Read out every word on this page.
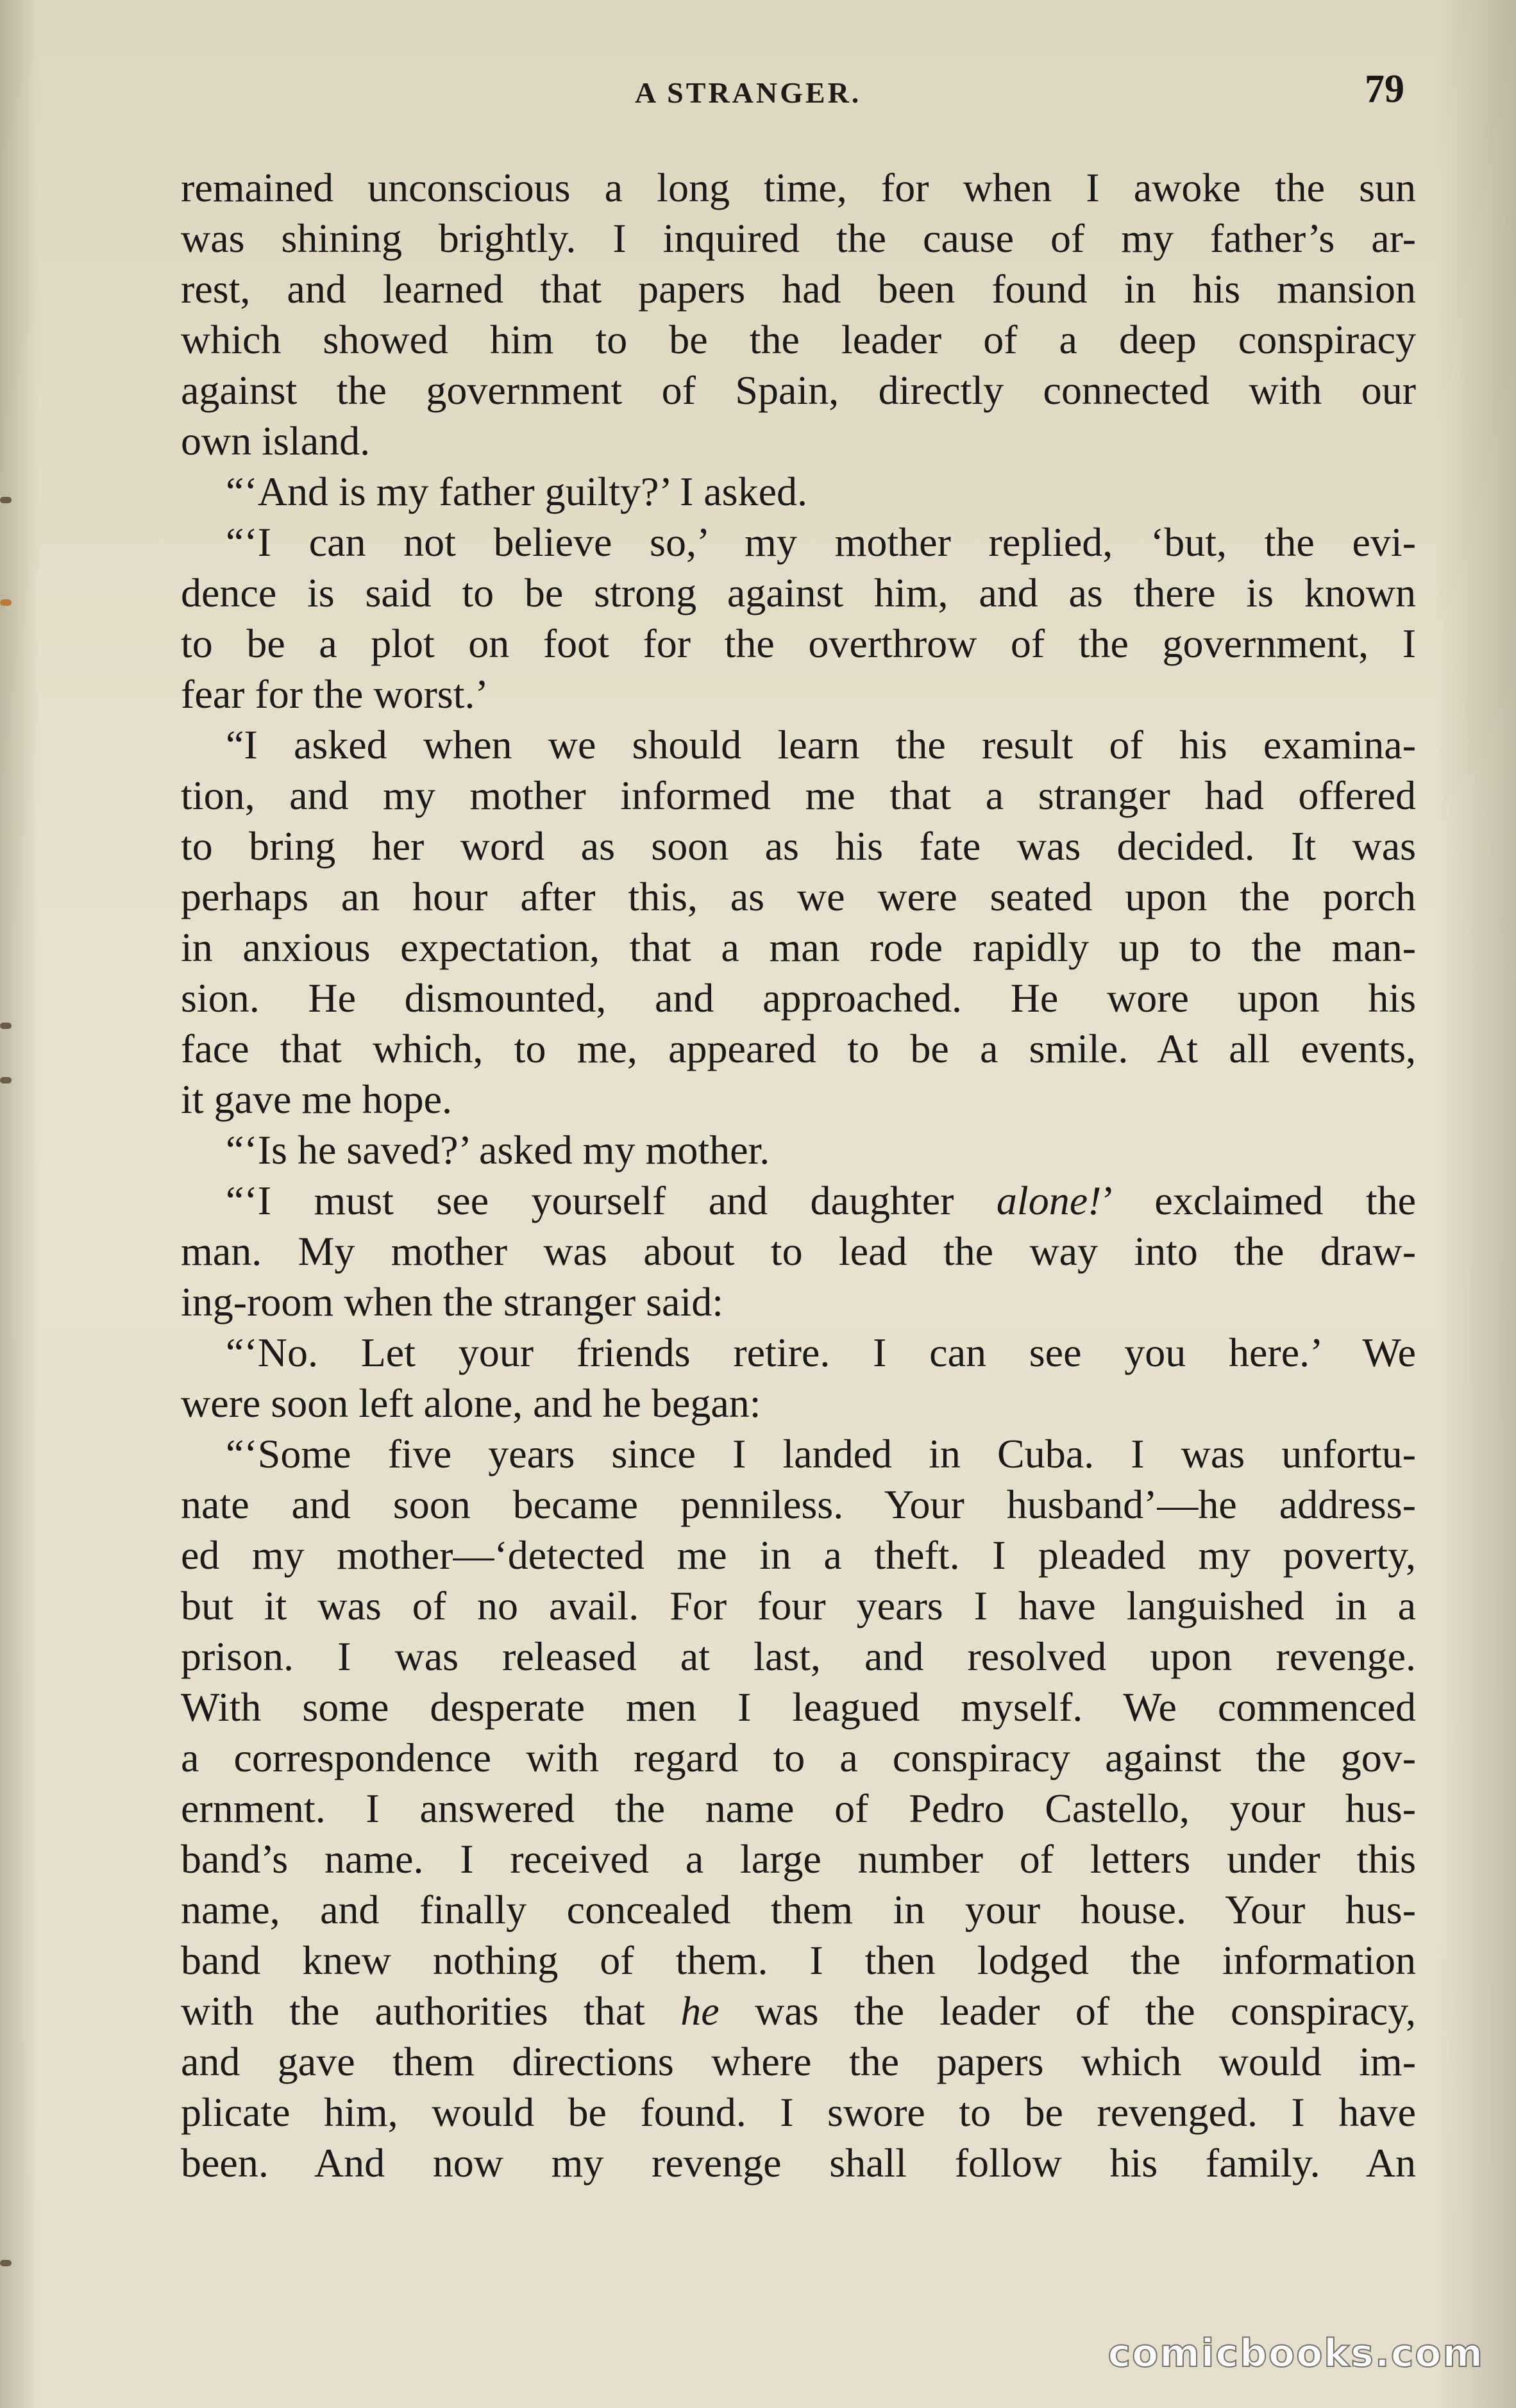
A STRANGER.	79
remained unconscious a long time, for when I awoke the sun
was shining brightly. I inquired the cause of my father’s ar-
rest, and learned that papers had been found in his mansion
which showed him to be the leader of a deep conspiracy
against the government of Spain, directly connected with our
own island.
“‘And is my father guilty?’ I asked.
“‘I can not believe so,’ my mother replied, ‘but, the evi-
dence is said to be strong against him, and as there is known
to be a plot on foot for the overthrow of the government, I
fear for the worst.’
“I asked when we should learn the result of his examina-
tion, and my mother informed me that a stranger had offered
to bring her word as soon as his fate was decided. It was
perhaps an hour after this, as we were seated upon the porch
in anxious expectation, that a man rode rapidly up to the man-
sion. He dismounted, and approached. He wore upon his
face that which, to me, appeared to be a smile. At all events,
it gave me hope.
“‘Is he saved?’ asked my mother.
“‘I must see yourself and daughter alone!’ exclaimed the
man. My mother was about to lead the way into the draw-
ing-room when the stranger said:
“‘No. Let your friends retire. I can see you here.’ We
were soon left alone, and he began:
“‘Some five years since I landed in Cuba. I was unfortu-
nate and soon became penniless. Your husband’—he address-
ed my mother—‘detected me in a theft. I pleaded my poverty,
but it was of no avail. For four years I have languished in a
prison. I was released at last, and resolved upon revenge.
With some desperate men I leagued myself. We commenced
a correspondence with regard to a conspiracy against the gov-
ernment. I answered the name of Pedro Castello, your hus-
band’s name. I received a large number of letters under this
name, and finally concealed them in your house. Your hus-
band knew nothing of them. I then lodged the information
with the authorities that he was the leader of the conspiracy,
and gave them directions where the papers which would im-
plicate him, would be found. I swore to be revenged. I have
been. And now my revenge shall follow his family. An
comicbooks.com
